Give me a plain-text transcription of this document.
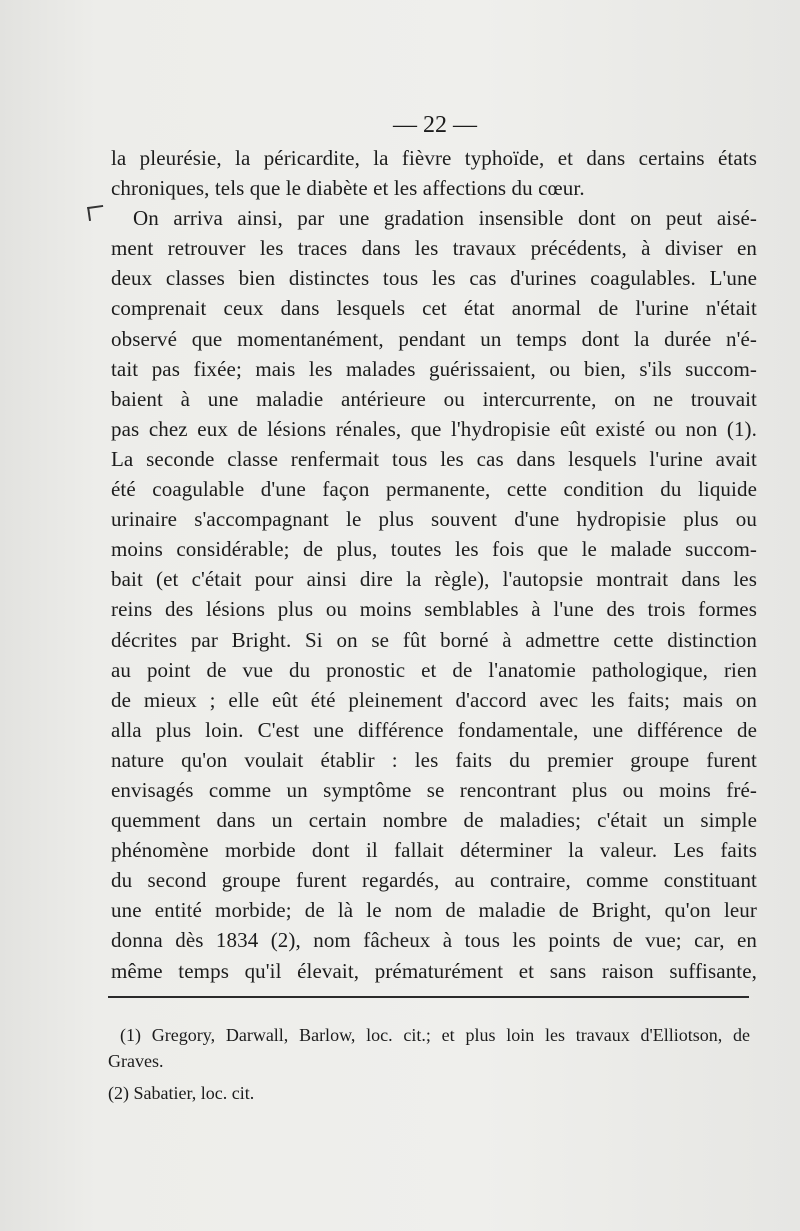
— 22 —
la pleurésie, la péricardite, la fièvre typhoïde, et dans certains états
chroniques, tels que le diabète et les affections du cœur.
On arriva ainsi, par une gradation insensible dont on peut aisé-
ment retrouver les traces dans les travaux précédents, à diviser en
deux classes bien distinctes tous les cas d'urines coagulables. L'une
comprenait ceux dans lesquels cet état anormal de l'urine n'était
observé que momentanément, pendant un temps dont la durée n'é-
tait pas fixée; mais les malades guérissaient, ou bien, s'ils succom-
baient à une maladie antérieure ou intercurrente, on ne trouvait
pas chez eux de lésions rénales, que l'hydropisie eût existé ou non (1).
La seconde classe renfermait tous les cas dans lesquels l'urine avait
été coagulable d'une façon permanente, cette condition du liquide
urinaire s'accompagnant le plus souvent d'une hydropisie plus ou
moins considérable; de plus, toutes les fois que le malade succom-
bait (et c'était pour ainsi dire la règle), l'autopsie montrait dans les
reins des lésions plus ou moins semblables à l'une des trois formes
décrites par Bright. Si on se fût borné à admettre cette distinction
au point de vue du pronostic et de l'anatomie pathologique, rien
de mieux ; elle eût été pleinement d'accord avec les faits; mais on
alla plus loin. C'est une différence fondamentale, une différence de
nature qu'on voulait établir : les faits du premier groupe furent
envisagés comme un symptôme se rencontrant plus ou moins fré-
quemment dans un certain nombre de maladies; c'était un simple
phénomène morbide dont il fallait déterminer la valeur. Les faits
du second groupe furent regardés, au contraire, comme constituant
une entité morbide; de là le nom de maladie de Bright, qu'on leur
donna dès 1834 (2), nom fâcheux à tous les points de vue; car, en
même temps qu'il élevait, prématurément et sans raison suffisante,
(1) Gregory, Darwall, Barlow, loc. cit.; et plus loin les travaux d'Elliotson, de
Graves.
(2) Sabatier, loc. cit.
